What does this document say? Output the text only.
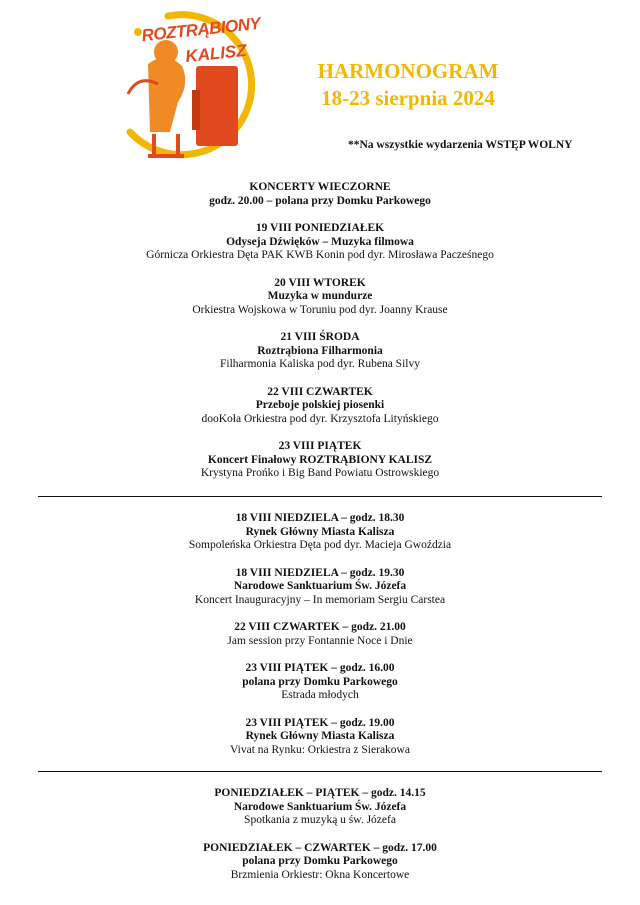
ROZTRĄBIONY
KALISZ
'24
HARMONOGRAM
18-23 sierpnia 2024
**Na wszystkie wydarzenia WSTĘP WOLNY
KONCERTY WIECZORNE
godz. 20.00 – polana przy Domku Parkowego
19 VIII PONIEDZIAŁEK
Odyseja Dźwięków – Muzyka filmowa
Górnicza Orkiestra Dęta PAK KWB Konin pod dyr. Mirosława Pacześnego
20 VIII WTOREK
Muzyka w mundurze
Orkiestra Wojskowa w Toruniu pod dyr. Joanny Krause
21 VIII ŚRODA
Roztrąbiona Filharmonia
Filharmonia Kaliska pod dyr. Rubena Silvy
22 VIII CZWARTEK
Przeboje polskiej piosenki
dooKoła Orkiestra pod dyr. Krzysztofa Lityńskiego
23 VIII PIĄTEK
Koncert Finałowy ROZTRĄBIONY KALISZ
Krystyna Prońko i Big Band Powiatu Ostrowskiego
18 VIII NIEDZIELA – godz. 18.30
Rynek Główny Miasta Kalisza
Sompoleńska Orkiestra Dęta pod dyr. Macieja Gwoździa
18 VIII NIEDZIELA – godz. 19.30
Narodowe Sanktuarium Św. Józefa
Koncert Inauguracyjny – In memoriam Sergiu Carstea
22 VIII CZWARTEK – godz. 21.00
Jam session przy Fontannie Noce i Dnie
23 VIII PIĄTEK – godz. 16.00
polana przy Domku Parkowego
Estrada młodych
23 VIII PIĄTEK – godz. 19.00
Rynek Główny Miasta Kalisza
Vivat na Rynku: Orkiestra z Sierakowa
PONIEDZIAŁEK – PIĄTEK – godz. 14.15
Narodowe Sanktuarium Św. Józefa
Spotkania z muzyką u św. Józefa
PONIEDZIAŁEK – CZWARTEK – godz. 17.00
polana przy Domku Parkowego
Brzmienia Orkiestr: Okna Koncertowe
